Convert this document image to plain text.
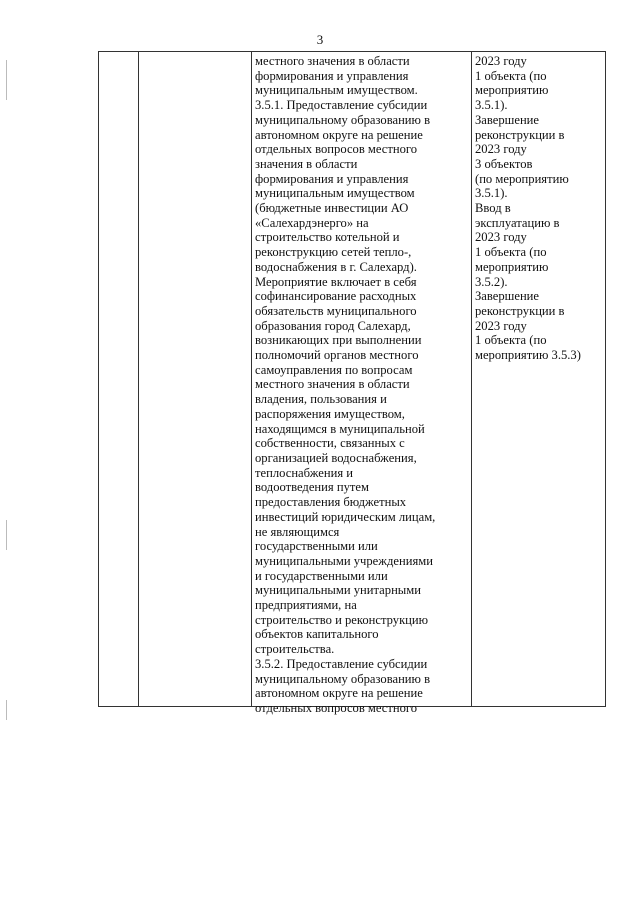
3
местного значения в области
формирования и управления
муниципальным имуществом.
3.5.1. Предоставление субсидии
муниципальному образованию в
автономном округе на решение
отдельных вопросов местного
значения в области
формирования и управления
муниципальным имуществом
(бюджетные инвестиции АО
«Салехардэнерго» на
строительство котельной и
реконструкцию сетей тепло-,
водоснабжения в г. Салехард).
Мероприятие включает в себя
софинансирование расходных
обязательств муниципального
образования город Салехард,
возникающих при выполнении
полномочий органов местного
самоуправления по вопросам
местного значения в области
владения, пользования и
распоряжения имуществом,
находящимся в муниципальной
собственности, связанных с
организацией водоснабжения,
теплоснабжения и
водоотведения путем
предоставления бюджетных
инвестиций юридическим лицам,
не являющимся
государственными или
муниципальными учреждениями
и государственными или
муниципальными унитарными
предприятиями, на
строительство и реконструкцию
объектов капитального
строительства.
3.5.2. Предоставление субсидии
муниципальному образованию в
автономном округе на решение
отдельных вопросов местного
2023 году
1 объекта (по
мероприятию
3.5.1).
Завершение
реконструкции в
2023 году
3 объектов
(по мероприятию
3.5.1).
Ввод в
эксплуатацию в
2023 году
1 объекта (по
мероприятию
3.5.2).
Завершение
реконструкции в
2023 году
1 объекта (по
мероприятию 3.5.3)
